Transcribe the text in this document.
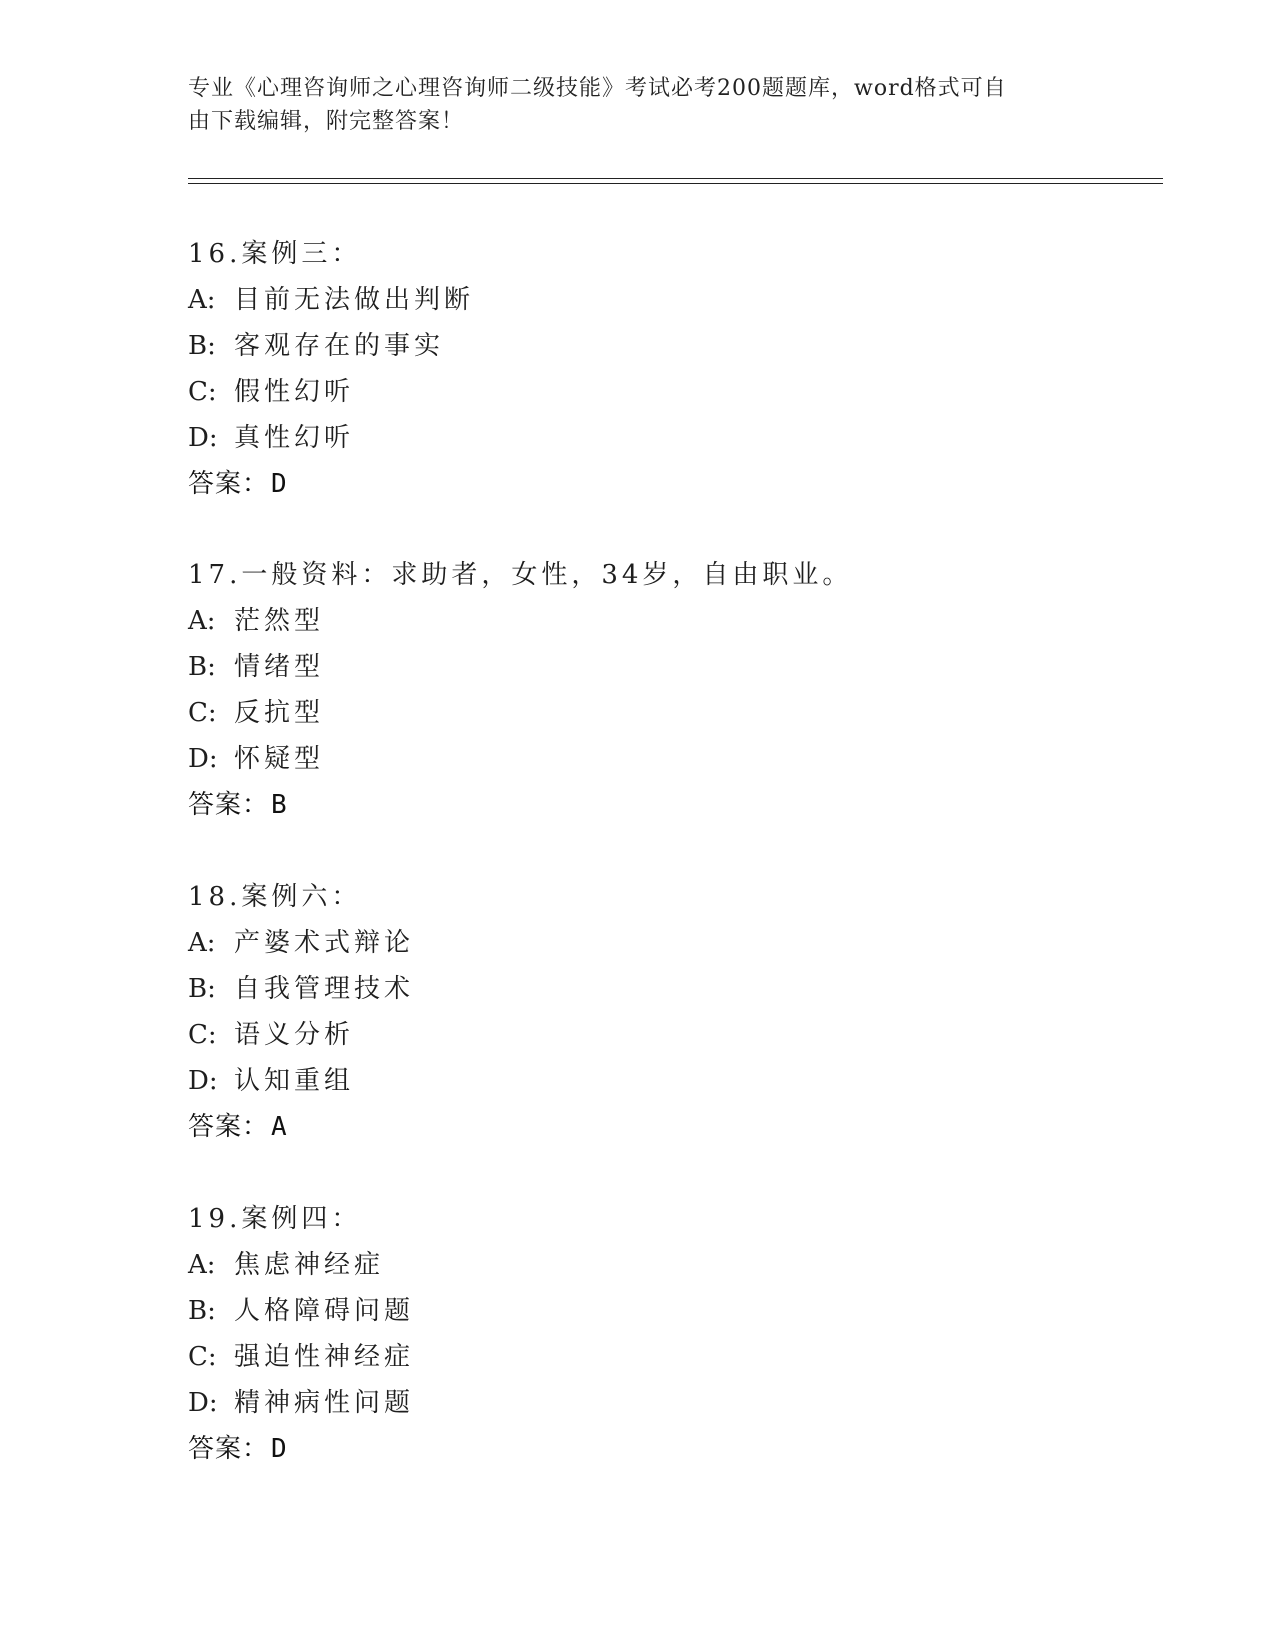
专业《心理咨询师之心理咨询师二级技能》考试必考200题题库，word格式可自
由下载编辑，附完整答案！
16.案例三：
A: 目前无法做出判断
B: 客观存在的事实
C: 假性幻听
D: 真性幻听
答案：D
17.一般资料：求助者，女性，34岁，自由职业。
A: 茫然型
B: 情绪型
C: 反抗型
D: 怀疑型
答案：B
18.案例六：
A: 产婆术式辩论
B: 自我管理技术
C: 语义分析
D: 认知重组
答案：A
19.案例四：
A: 焦虑神经症
B: 人格障碍问题
C: 强迫性神经症
D: 精神病性问题
答案：D
